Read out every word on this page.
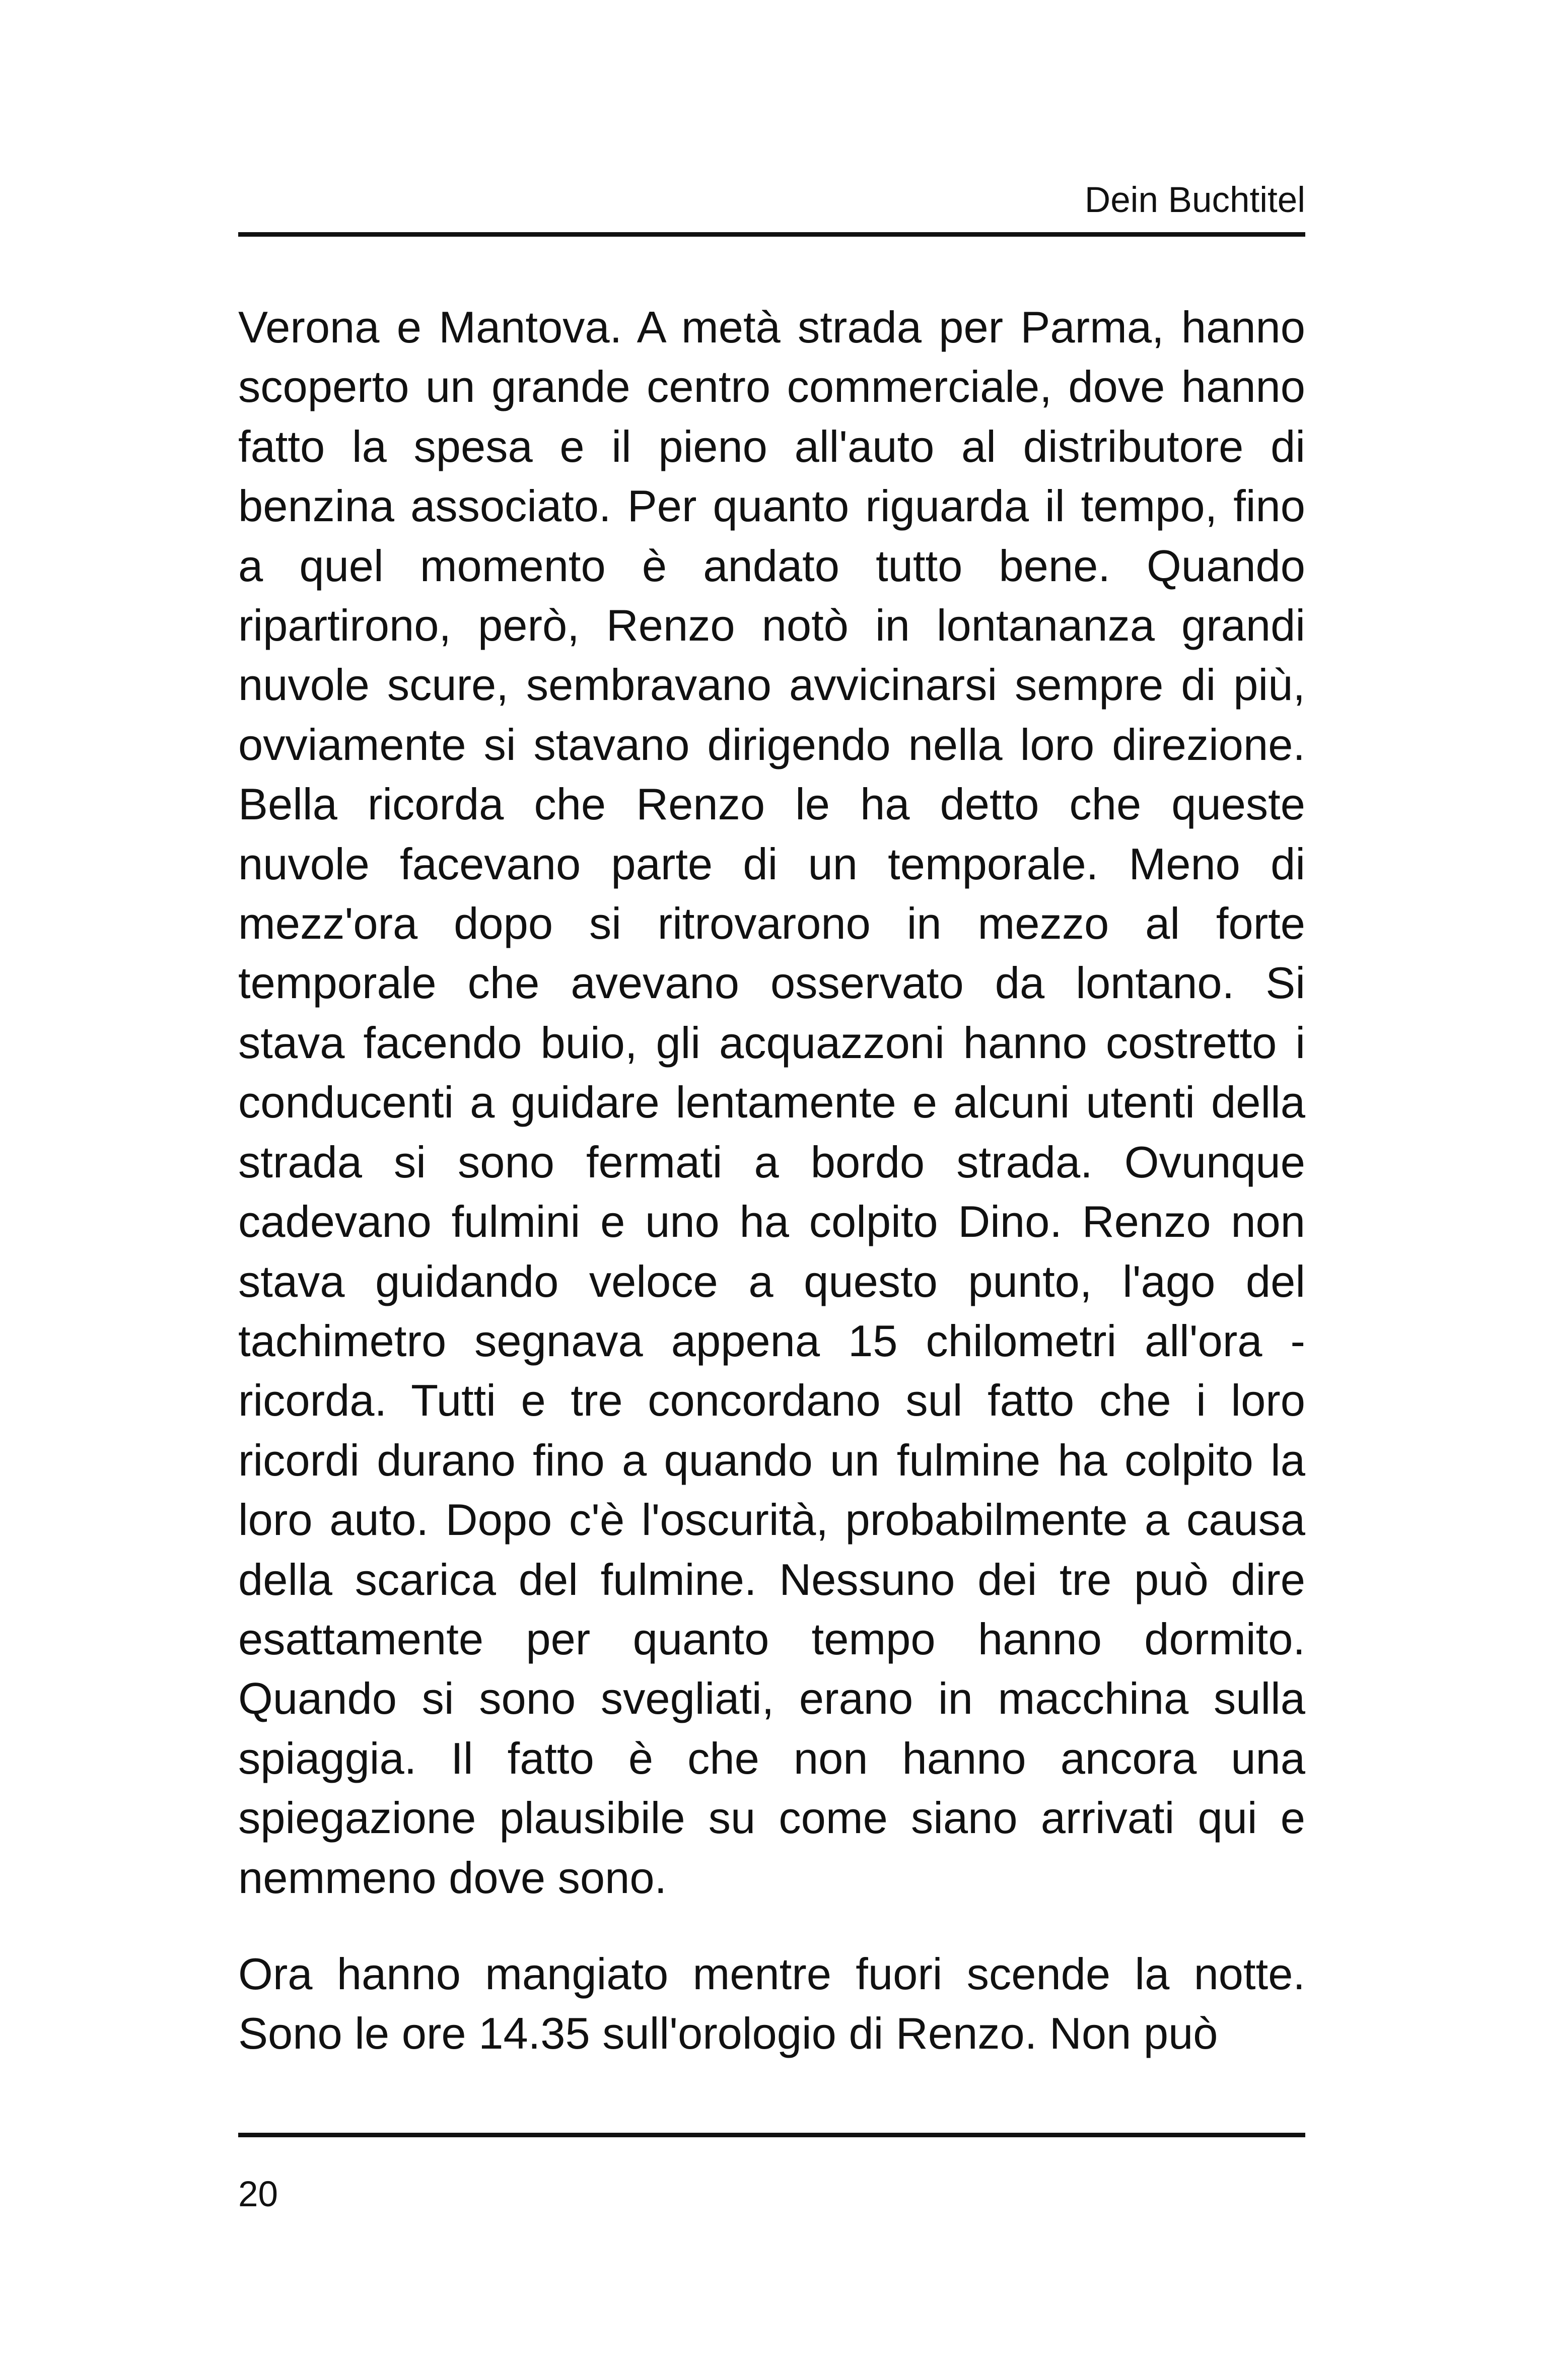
Dein Buchtitel

Verona e Mantova. A metà strada per Parma, hanno scoperto un grande centro commerciale, dove hanno fatto la spesa e il pieno all'auto al distributore di benzina associato. Per quanto riguarda il tempo, fino a quel momento è andato tutto bene. Quando ripartirono, però, Renzo notò in lontananza grandi nuvole scure, sembravano avvicinarsi sempre di più, ovviamente si stavano dirigendo nella loro direzione. Bella ricorda che Renzo le ha detto che queste nuvole facevano parte di un temporale. Meno di mezz'ora dopo si ritrovarono in mezzo al forte temporale che avevano osservato da lontano. Si stava facendo buio, gli acquazzoni hanno costretto i conducenti a guidare lentamente e alcuni utenti della strada si sono fermati a bordo strada. Ovunque cadevano fulmini e uno ha colpito Dino. Renzo non stava guidando veloce a questo punto, l'ago del tachimetro segnava appena 15 chilometri all'ora - ricorda. Tutti e tre concordano sul fatto che i loro ricordi durano fino a quando un fulmine ha colpito la loro auto. Dopo c'è l'oscurità, probabilmente a causa della scarica del fulmine. Nessuno dei tre può dire esattamente per quanto tempo hanno dormito. Quando si sono svegliati, erano in macchina sulla spiaggia. Il fatto è che non hanno ancora una spiegazione plausibile su come siano arrivati qui e nemmeno dove sono.

Ora hanno mangiato mentre fuori scende la notte. Sono le ore 14.35 sull'orologio di Renzo. Non può

20
